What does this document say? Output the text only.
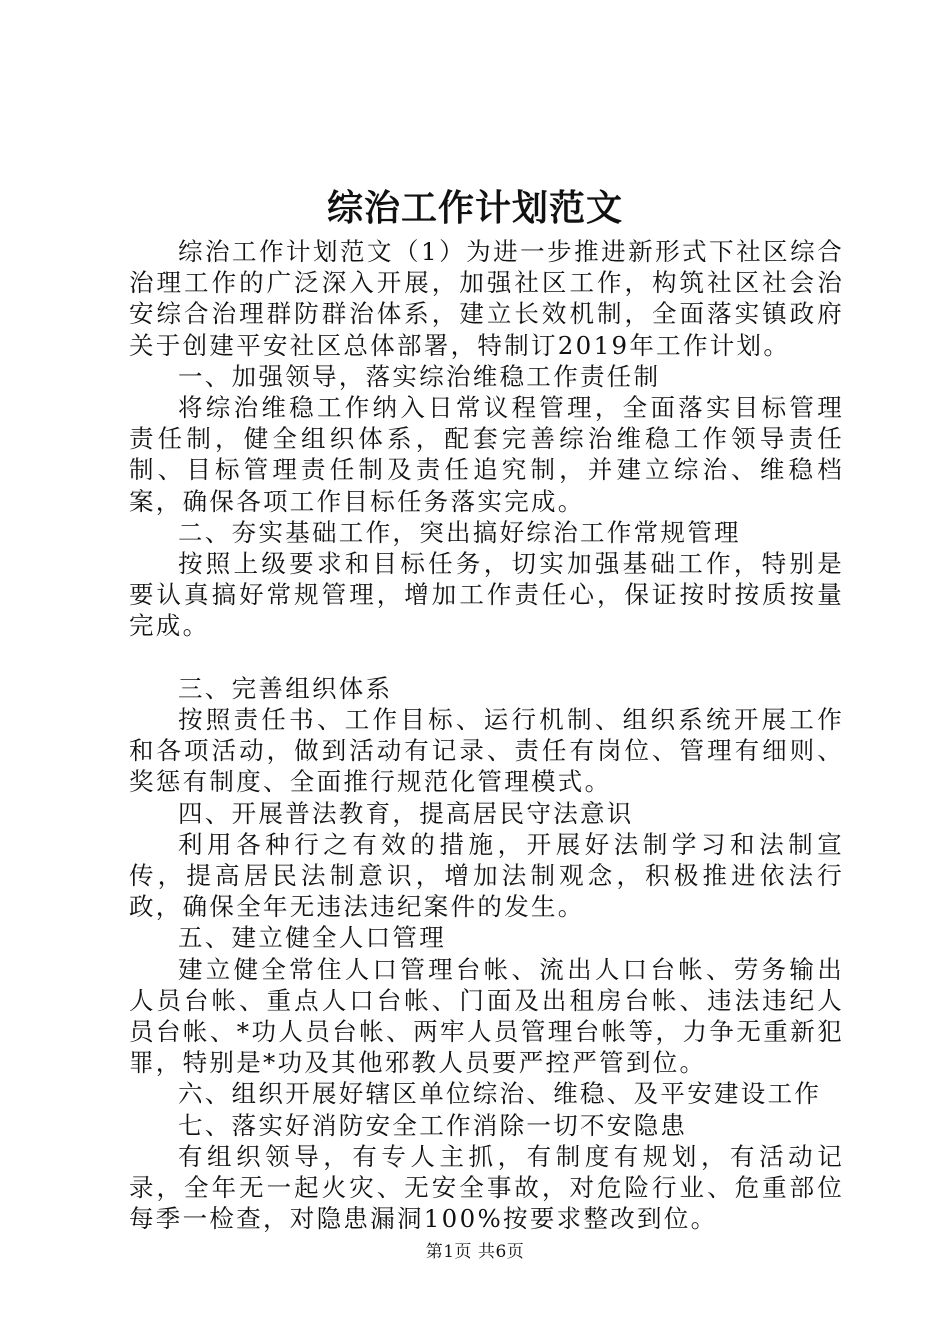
综治工作计划范文

综治工作计划范文（1）为进一步推进新形式下社区综合治理工作的广泛深入开展，加强社区工作，构筑社区社会治安综合治理群防群治体系，建立长效机制，全面落实镇政府关于创建平安社区总体部署，特制订2019年工作计划。

一、加强领导，落实综治维稳工作责任制

将综治维稳工作纳入日常议程管理，全面落实目标管理责任制，健全组织体系，配套完善综治维稳工作领导责任制、目标管理责任制及责任追究制，并建立综治、维稳档案，确保各项工作目标任务落实完成。

二、夯实基础工作，突出搞好综治工作常规管理

按照上级要求和目标任务，切实加强基础工作，特别是要认真搞好常规管理，增加工作责任心，保证按时按质按量完成。

三、完善组织体系

按照责任书、工作目标、运行机制、组织系统开展工作和各项活动，做到活动有记录、责任有岗位、管理有细则、奖惩有制度、全面推行规范化管理模式。

四、开展普法教育，提高居民守法意识

利用各种行之有效的措施，开展好法制学习和法制宣传，提高居民法制意识，增加法制观念，积极推进依法行政，确保全年无违法违纪案件的发生。

五、建立健全人口管理

建立健全常住人口管理台帐、流出人口台帐、劳务输出人员台帐、重点人口台帐、门面及出租房台帐、违法违纪人员台帐、*功人员台帐、两牢人员管理台帐等，力争无重新犯罪，特别是*功及其他邪教人员要严控严管到位。

六、组织开展好辖区单位综治、维稳、及平安建设工作

七、落实好消防安全工作消除一切不安隐患

有组织领导，有专人主抓，有制度有规划，有活动记录，全年无一起火灾、无安全事故，对危险行业、危重部位每季一检查，对隐患漏洞100%按要求整改到位。

第1页 共6页
